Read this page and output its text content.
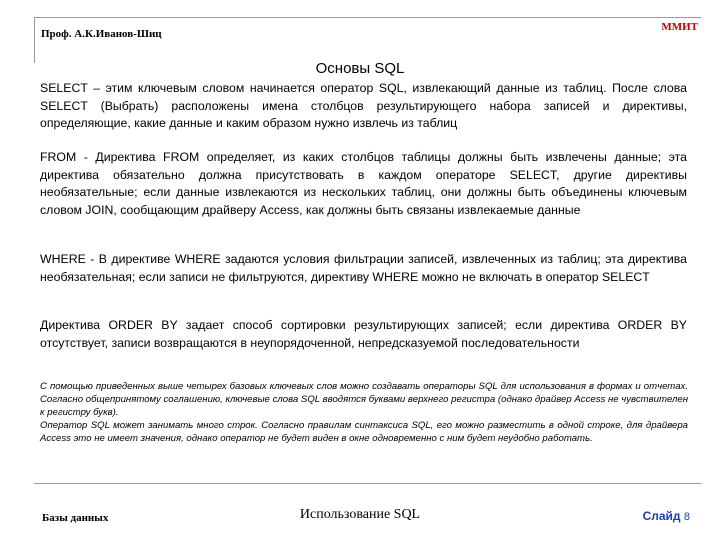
Проф. А.К.Иванов-Шиц
ММИТ
Основы SQL
SELECT – этим ключевым словом начинается оператор SQL, извлекающий данные из таблиц. После слова SELECT (Выбрать) расположены имена столбцов результирующего набора записей и директивы, определяющие, какие данные и каким образом нужно извлечь из таблиц
FROM - Директива FROM определяет, из каких столбцов таблицы должны быть извлечены данные; эта директива обязательно должна присутствовать в каждом операторе SELECT, другие директивы необязательные; если данные извлекаются из нескольких таблиц, они должны быть объединены ключевым словом JOIN, сообщающим драйверу Access, как должны быть связаны извлекаемые данные
WHERE - В директиве WHERE задаются условия фильтрации записей, извлеченных из таблиц; эта директива необязательная; если записи не фильтруются, директиву WHERE можно не включать в оператор SELECT
Директива ORDER BY задает способ сортировки результирующих записей; если директива ORDER BY отсутствует, записи возвращаются в неупорядоченной, непредсказуемой последовательности

С помощью приведенных выше четырех базовых ключевых слов можно создавать операторы SQL для использования в формах и отчетах. Согласно общепринятому соглашению, ключевые слова SQL вводятся буквами верхнего регистра (однако драйвер Access не чувствителен к регистру букв).

Оператор SQL может занимать много строк. Согласно правилам синтаксиса SQL, его можно разместить в одной строке, для драйвера Access это не имеет значения, однако оператор не будет виден в окне одновременно с ним будет неудобно работать.

Базы данных	Использование SQL	Слайд 8
